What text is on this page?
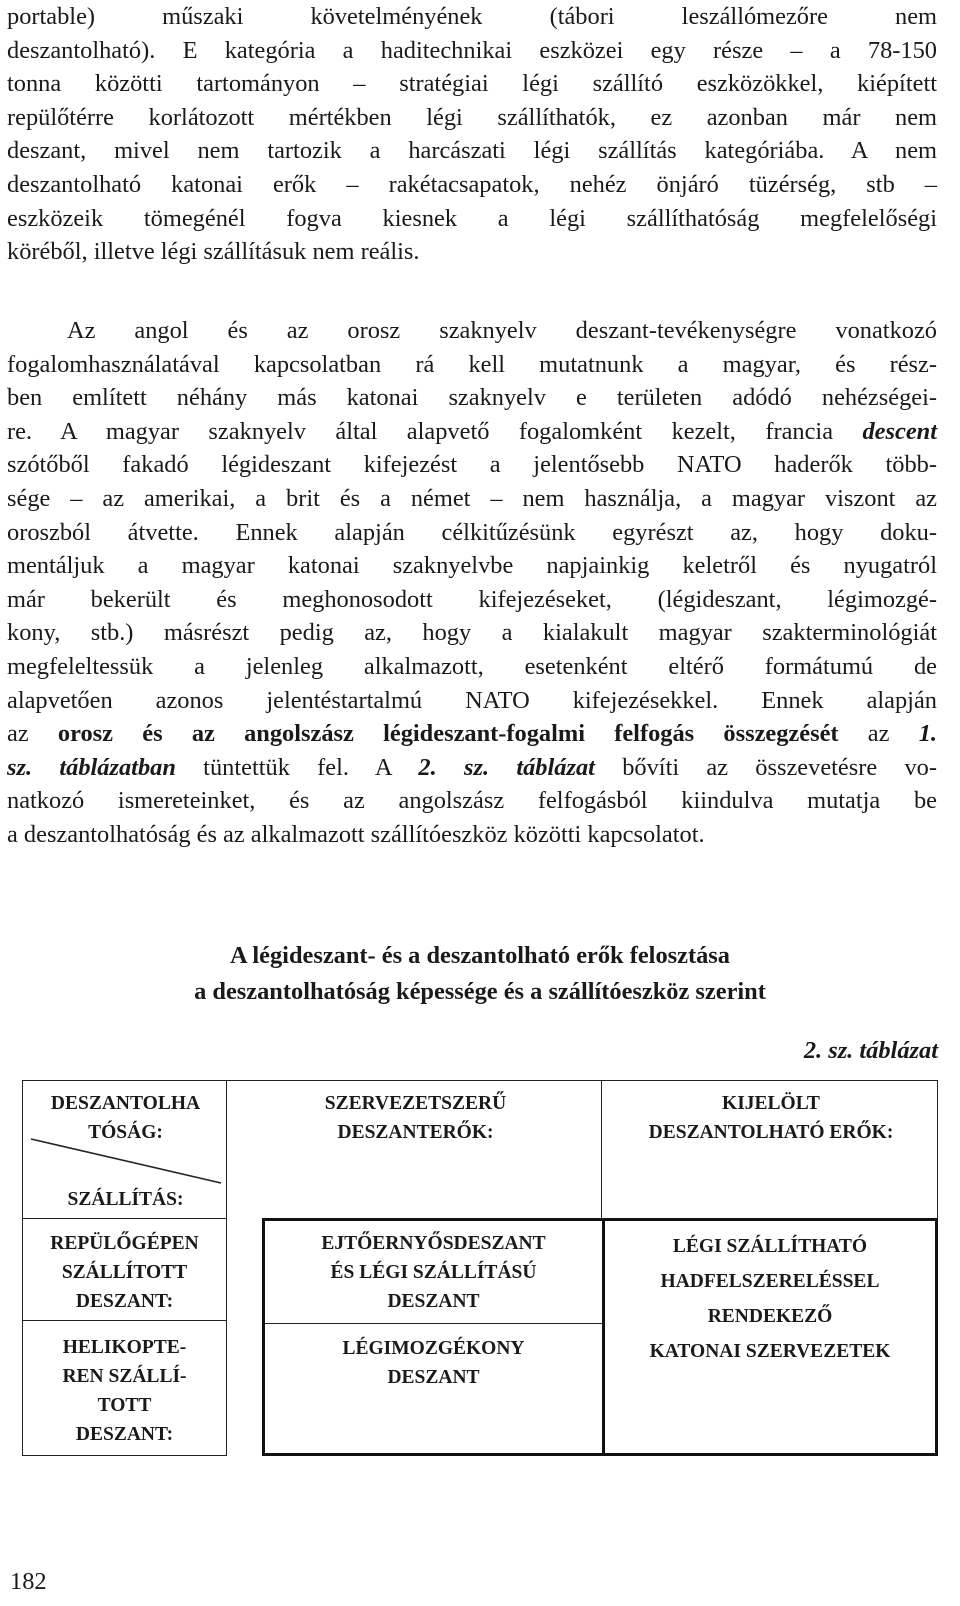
portable) műszaki követelményének (tábori leszállómezőre nem
deszantolható). E kategória a haditechnikai eszközei egy része – a 78-150
tonna közötti tartományon – stratégiai légi szállító eszközökkel, kiépített
repülőtérre korlátozott mértékben légi szállíthatók, ez azonban már nem
deszant, mivel nem tartozik a harcászati légi szállítás kategóriába. A nem
deszantolható katonai erők – rakétacsapatok, nehéz önjáró tüzérség, stb –
eszközeik tömegénél fogva kiesnek a légi szállíthatóság megfelelőségi
köréből, illetve légi szállításuk nem reális.
Az angol és az orosz szaknyelv deszant-tevékenységre vonatkozó
fogalomhasználatával kapcsolatban rá kell mutatnunk a magyar, és rész-
ben említett néhány más katonai szaknyelv e területen adódó nehézségei-
re. A magyar szaknyelv által alapvető fogalomként kezelt, francia descent
szótőből fakadó légideszant kifejezést a jelentősebb NATO haderők több-
sége – az amerikai, a brit és a német – nem használja, a magyar viszont az
oroszból átvette. Ennek alapján célkitűzésünk egyrészt az, hogy doku-
mentáljuk a magyar katonai szaknyelvbe napjainkig keletről és nyugatról
már bekerült és meghonosodott kifejezéseket, (légideszant, légimozgé-
kony, stb.) másrészt pedig az, hogy a kialakult magyar szakterminológiát
megfeleltessük a jelenleg alkalmazott, esetenként eltérő formátumú de
alapvetően azonos jelentéstartalmú NATO kifejezésekkel. Ennek alapján
az orosz és az angolszász légideszant-fogalmi felfogás összegzését az 1.
sz. táblázatban tüntettük fel. A 2. sz. táblázat bővíti az összevetésre vo-
natkozó ismereteinket, és az angolszász felfogásból kiindulva mutatja be
a deszantolhatóság és az alkalmazott szállítóeszköz közötti kapcsolatot.
A légideszant- és a deszantolható erők felosztása
a deszantolhatóság képessége és a szállítóeszköz szerint
2. sz. táblázat
DESZANTOLHA
TÓSÁG:
SZÁLLÍTÁS:
SZERVEZETSZERŰ
DESZANTERŐK:
KIJELÖLT
DESZANTOLHATÓ ERŐK:
REPÜLŐGÉPEN
SZÁLLÍTOTT
DESZANT:
HELIKOPTE-
REN SZÁLLÍ-
TOTT
DESZANT:
EJTŐERNYŐSDESZANT
ÉS LÉGI SZÁLLÍTÁSÚ
DESZANT
LÉGIMOZGÉKONY
DESZANT
LÉGI SZÁLLÍTHATÓ
HADFELSZERELÉSSEL
RENDEKEZŐ
KATONAI SZERVEZETEK
182
